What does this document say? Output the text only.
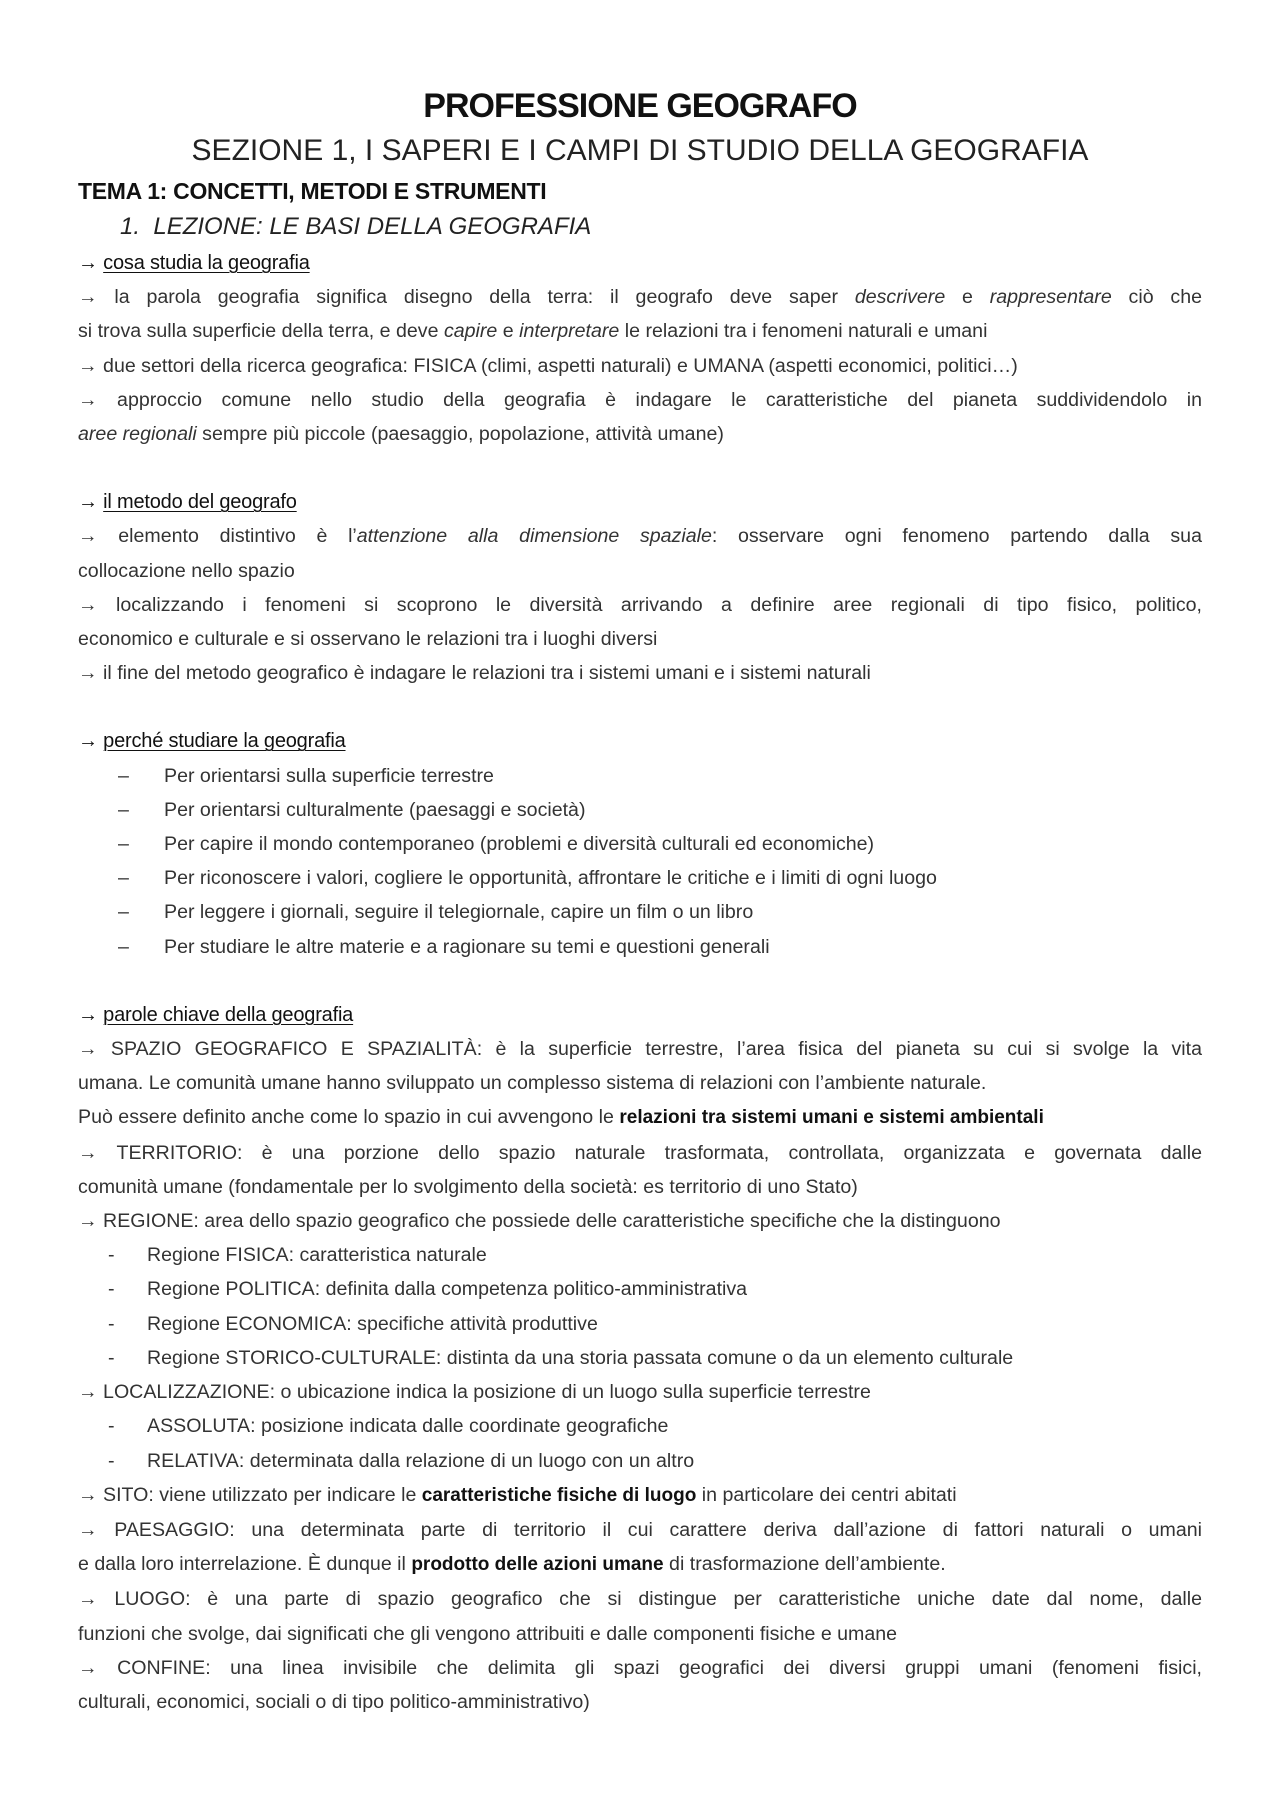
PROFESSIONE GEOGRAFO
SEZIONE 1, I SAPERI E I CAMPI DI STUDIO DELLA GEOGRAFIA
TEMA 1: CONCETTI, METODI E STRUMENTI
1. LEZIONE: LE BASI DELLA GEOGRAFIA
→ cosa studia la geografia
→ la parola geografia significa disegno della terra: il geografo deve saper descrivere e rappresentare ciò che
si trova sulla superficie della terra, e deve capire e interpretare le relazioni tra i fenomeni naturali e umani
→ due settori della ricerca geografica: FISICA (climi, aspetti naturali) e UMANA (aspetti economici, politici…)
→ approccio comune nello studio della geografia è indagare le caratteristiche del pianeta suddividendolo in
aree regionali sempre più piccole (paesaggio, popolazione, attività umane)
→ il metodo del geografo
→ elemento distintivo è l’attenzione alla dimensione spaziale: osservare ogni fenomeno partendo dalla sua
collocazione nello spazio
→ localizzando i fenomeni si scoprono le diversità arrivando a definire aree regionali di tipo fisico, politico,
economico e culturale e si osservano le relazioni tra i luoghi diversi
→ il fine del metodo geografico è indagare le relazioni tra i sistemi umani e i sistemi naturali
→ perché studiare la geografia
– Per orientarsi sulla superficie terrestre
– Per orientarsi culturalmente (paesaggi e società)
– Per capire il mondo contemporaneo (problemi e diversità culturali ed economiche)
– Per riconoscere i valori, cogliere le opportunità, affrontare le critiche e i limiti di ogni luogo
– Per leggere i giornali, seguire il telegiornale, capire un film o un libro
– Per studiare le altre materie e a ragionare su temi e questioni generali
→ parole chiave della geografia
→ SPAZIO GEOGRAFICO E SPAZIALITÀ: è la superficie terrestre, l’area fisica del pianeta su cui si svolge la vita
umana. Le comunità umane hanno sviluppato un complesso sistema di relazioni con l’ambiente naturale.
Può essere definito anche come lo spazio in cui avvengono le relazioni tra sistemi umani e sistemi ambientali
→ TERRITORIO: è una porzione dello spazio naturale trasformata, controllata, organizzata e governata dalle
comunità umane (fondamentale per lo svolgimento della società: es territorio di uno Stato)
→ REGIONE: area dello spazio geografico che possiede delle caratteristiche specifiche che la distinguono
- Regione FISICA: caratteristica naturale
- Regione POLITICA: definita dalla competenza politico-amministrativa
- Regione ECONOMICA: specifiche attività produttive
- Regione STORICO-CULTURALE: distinta da una storia passata comune o da un elemento culturale
→ LOCALIZZAZIONE: o ubicazione indica la posizione di un luogo sulla superficie terrestre
- ASSOLUTA: posizione indicata dalle coordinate geografiche
- RELATIVA: determinata dalla relazione di un luogo con un altro
→ SITO: viene utilizzato per indicare le caratteristiche fisiche di luogo in particolare dei centri abitati
→ PAESAGGIO: una determinata parte di territorio il cui carattere deriva dall’azione di fattori naturali o umani
e dalla loro interrelazione. È dunque il prodotto delle azioni umane di trasformazione dell’ambiente.
→ LUOGO: è una parte di spazio geografico che si distingue per caratteristiche uniche date dal nome, dalle
funzioni che svolge, dai significati che gli vengono attribuiti e dalle componenti fisiche e umane
→ CONFINE: una linea invisibile che delimita gli spazi geografici dei diversi gruppi umani (fenomeni fisici,
culturali, economici, sociali o di tipo politico-amministrativo)
